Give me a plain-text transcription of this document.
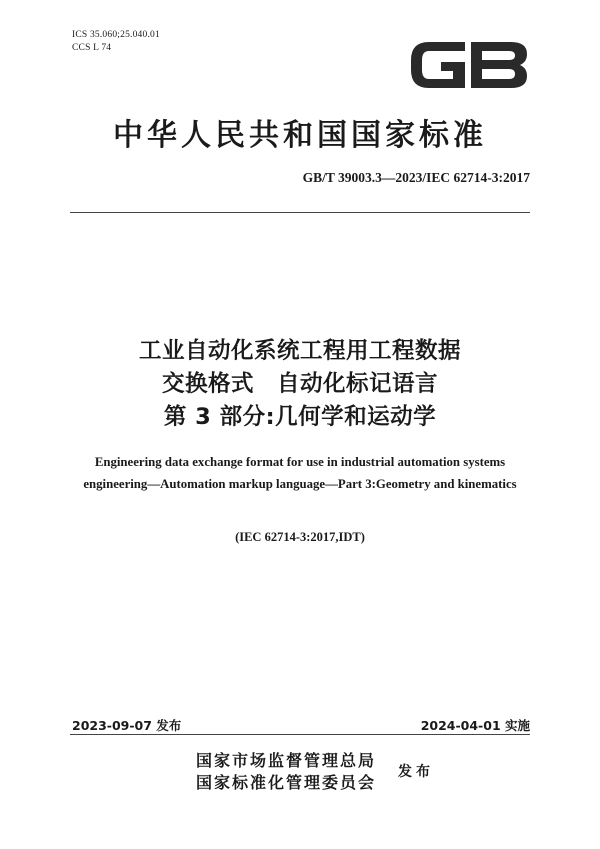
ICS 35.060;25.040.01
CCS L 74
中华人民共和国国家标准
GB/T 39003.3—2023/IEC 62714-3:2017
工业自动化系统工程用工程数据
交换格式　自动化标记语言
第 3 部分:几何学和运动学
Engineering data exchange format for use in industrial automation systems
engineering—Automation markup language—Part 3:Geometry and kinematics
(IEC 62714-3:2017,IDT)
2023-09-07 发布	2024-04-01 实施
国家市场监督管理总局
国家标准化管理委员会
发布
